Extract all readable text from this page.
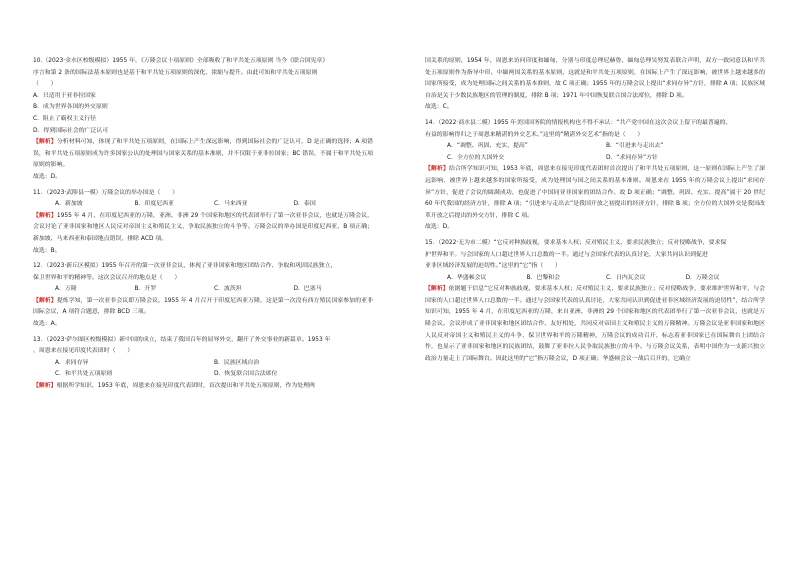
10.（2023·金水区校级模拟）1955 年，《万隆会议十项原则》全部吸收了和平共处五项原则 当今《联合国宪章》

序言和第 2 条的国际法基本原则也是基于和平共处五项原则的深化、浓缩与提升。由此可知和平共处五项原则

（　　）

A．只适用于亚非拉国家

B．成为世界各国的外交原则

C．阻止了霸权主义行径

D．得到国际社会的广泛认可

【解析】分析材料可知，体现了和平共处五项原则，在国际上产生深远影响，得到国际社会的广泛认可，D 是正确的选择；A 项错误，和平共处五项原则成为许多国家公认的处理国与国家关系的基本准则，并不仅限于亚非拉国家；BC 错误，不属于和平共处五项原则的影响。

故选：D。

11．（2023·武陟县一模）万隆会议的举办国是（　　）

A．新加坡	B．印度尼西亚	C．马来西亚	D．泰国

【解析】1955 年 4 月，在印度尼西亚的万隆，亚洲、非洲 29 个国家和地区的代表团举行了第一次亚非会议，也就是万隆会议，会议讨论了亚非国家和地区人民反对帝国主义和殖民主义、争取民族独立的斗争等。万隆会议的举办国是印度尼西亚，B 项正确；新加坡、马来西亚和泰国地点错误，排除 ACD 项。

故选：B。

12．（2023·新丘区模拟）1955 年召开的第一次亚非会议，体现了亚非国家和地区团结合作、争取和巩固民族独立，

保卫世界和平的精神等。这次会议召开的地点是（　　）

A．万隆	B．开罗	C．波茨坦	D．巴塞马

【解析】提炼学知，第一次亚非会议即万隆会议，1955 年 4 月召开于印度尼西亚万隆，这是第一次没有西方殖民国家参加的亚非国际会议，A 项符合题意，排除 BCD 三项。

故选：A。

13．（2023·萨尔图区校级模拟）新中国的成立，结束了我国百年的屈辱外交，翻开了外交事业的新篇章。1953 年

，周恩来在接见印度代表团时（　　）

A．求同存异	B．民族区域自治
C．和平共处五项原则	D．恢复联合国合法席位

【解析】根据所学知识，1953 年底，周恩来在接见印度代表团时，首次提出和平共处五项原则，作为处理两

国关系的原则，1954 年，周恩来访问印度和缅甸，分别与印度总理尼赫鲁、缅甸总理吴努发表联合声明，双方一致同意以和平共处五项原则作为指导中印、中缅两国关系的基本原则，这就是和平共处五项原则，在国际上产生了深远影响，被世界上越来越多的国家所接受，成为处理国际之间关系的基本准则，故 C 项正确；1955 年的万隆会议上提出“求同存异”方针，排除 A 项；民族区域自治是关于少数民族地区的管理的制度，排除 B 项；1971 年中国恢复联合国合法席位，排除 D 项。

故选：C。

14．（2022·商水县二模）1955 年美国国务院的情报机构也不得不承认：“共产党中国在这次会议上留下的最普遍的、

有益的影响得归之于周恩来精湛的外交艺术。”这里的“精湛外交艺术”指的是（　　）

A．“调整、巩固、充实、提高”	B．“引进来与走出去”
C．全方位的大国外交	D．“求同存异”方针

【解析】结合所学知识可知，1953 年底，周恩来在接见印度代表团时首次提出了和平共处五项原则，这一原则在国际上产生了深远影响，被世界上越来越多的国家所接受，成为处理国与国之间关系的基本准则。周恩来在 1955 年的万隆会议上提出“求同存异”方针，促进了会议的圆满成功，也促进了中国同亚非国家的团结合作。故 D 项正确；“调整、巩固、充实、提高”属于 20 世纪 60 年代我国的经济方针，排除 A 项；“引进来与走出去”是我国开放之初提出的经济方针，排除 B 项；全方位的大国外交是我国改革开放之后提出的外交方针，排除 C 项。

故选：D。

15．（2022·无为市二模）“它反对种族歧视，要求基本人权；反对殖民主义，要求民族独立；反对侵略战争，要求保

护世界和平。与会国家的人口超过世界人口总数的一半。通过与会国家代表的认真讨论，大家共同认识到促进

亚非区域经济发展的迫切性。”这里的“它”指（　　）

A．华盛顿会议	B．巴黎和会	C．日内瓦会议	D．万隆会议

【解析】依据题干信息“它反对种族歧视，要求基本人权；反对殖民主义，要求民族独立；反对侵略战争，要求维护世界和平，与会国家的人口超过世界人口总数的一半。通过与会国家代表的认真讨论，大家共同认识到促进亚非区域经济发展的迫切性”，结合所学知识可知，1955 年 4 月，在印度尼西亚的万隆，来自亚洲、非洲的 29 个国家和地区的代表团举行了第一次亚非会议，也就是万隆会议。会议形成了亚非国家和地区团结合作、友好相处，共同反对帝国主义和殖民主义的万隆精神。万隆会议是亚非国家和地区人民反对帝国主义和殖民主义的斗争，保卫世界和平的万隆精神，万隆会议的成功召开，标志着亚非国家已在国际舞台上团结合作，也显示了亚非国家和地区的民族团结，鼓舞了亚非拉人民争取民族独立的斗争。与万隆会议关系，表明中国作为一支新兴独立政治力量走上了国际舞台。因此这里的“它”指万隆会议，D 项正确；华盛顿会议一战后召开的，它确立
